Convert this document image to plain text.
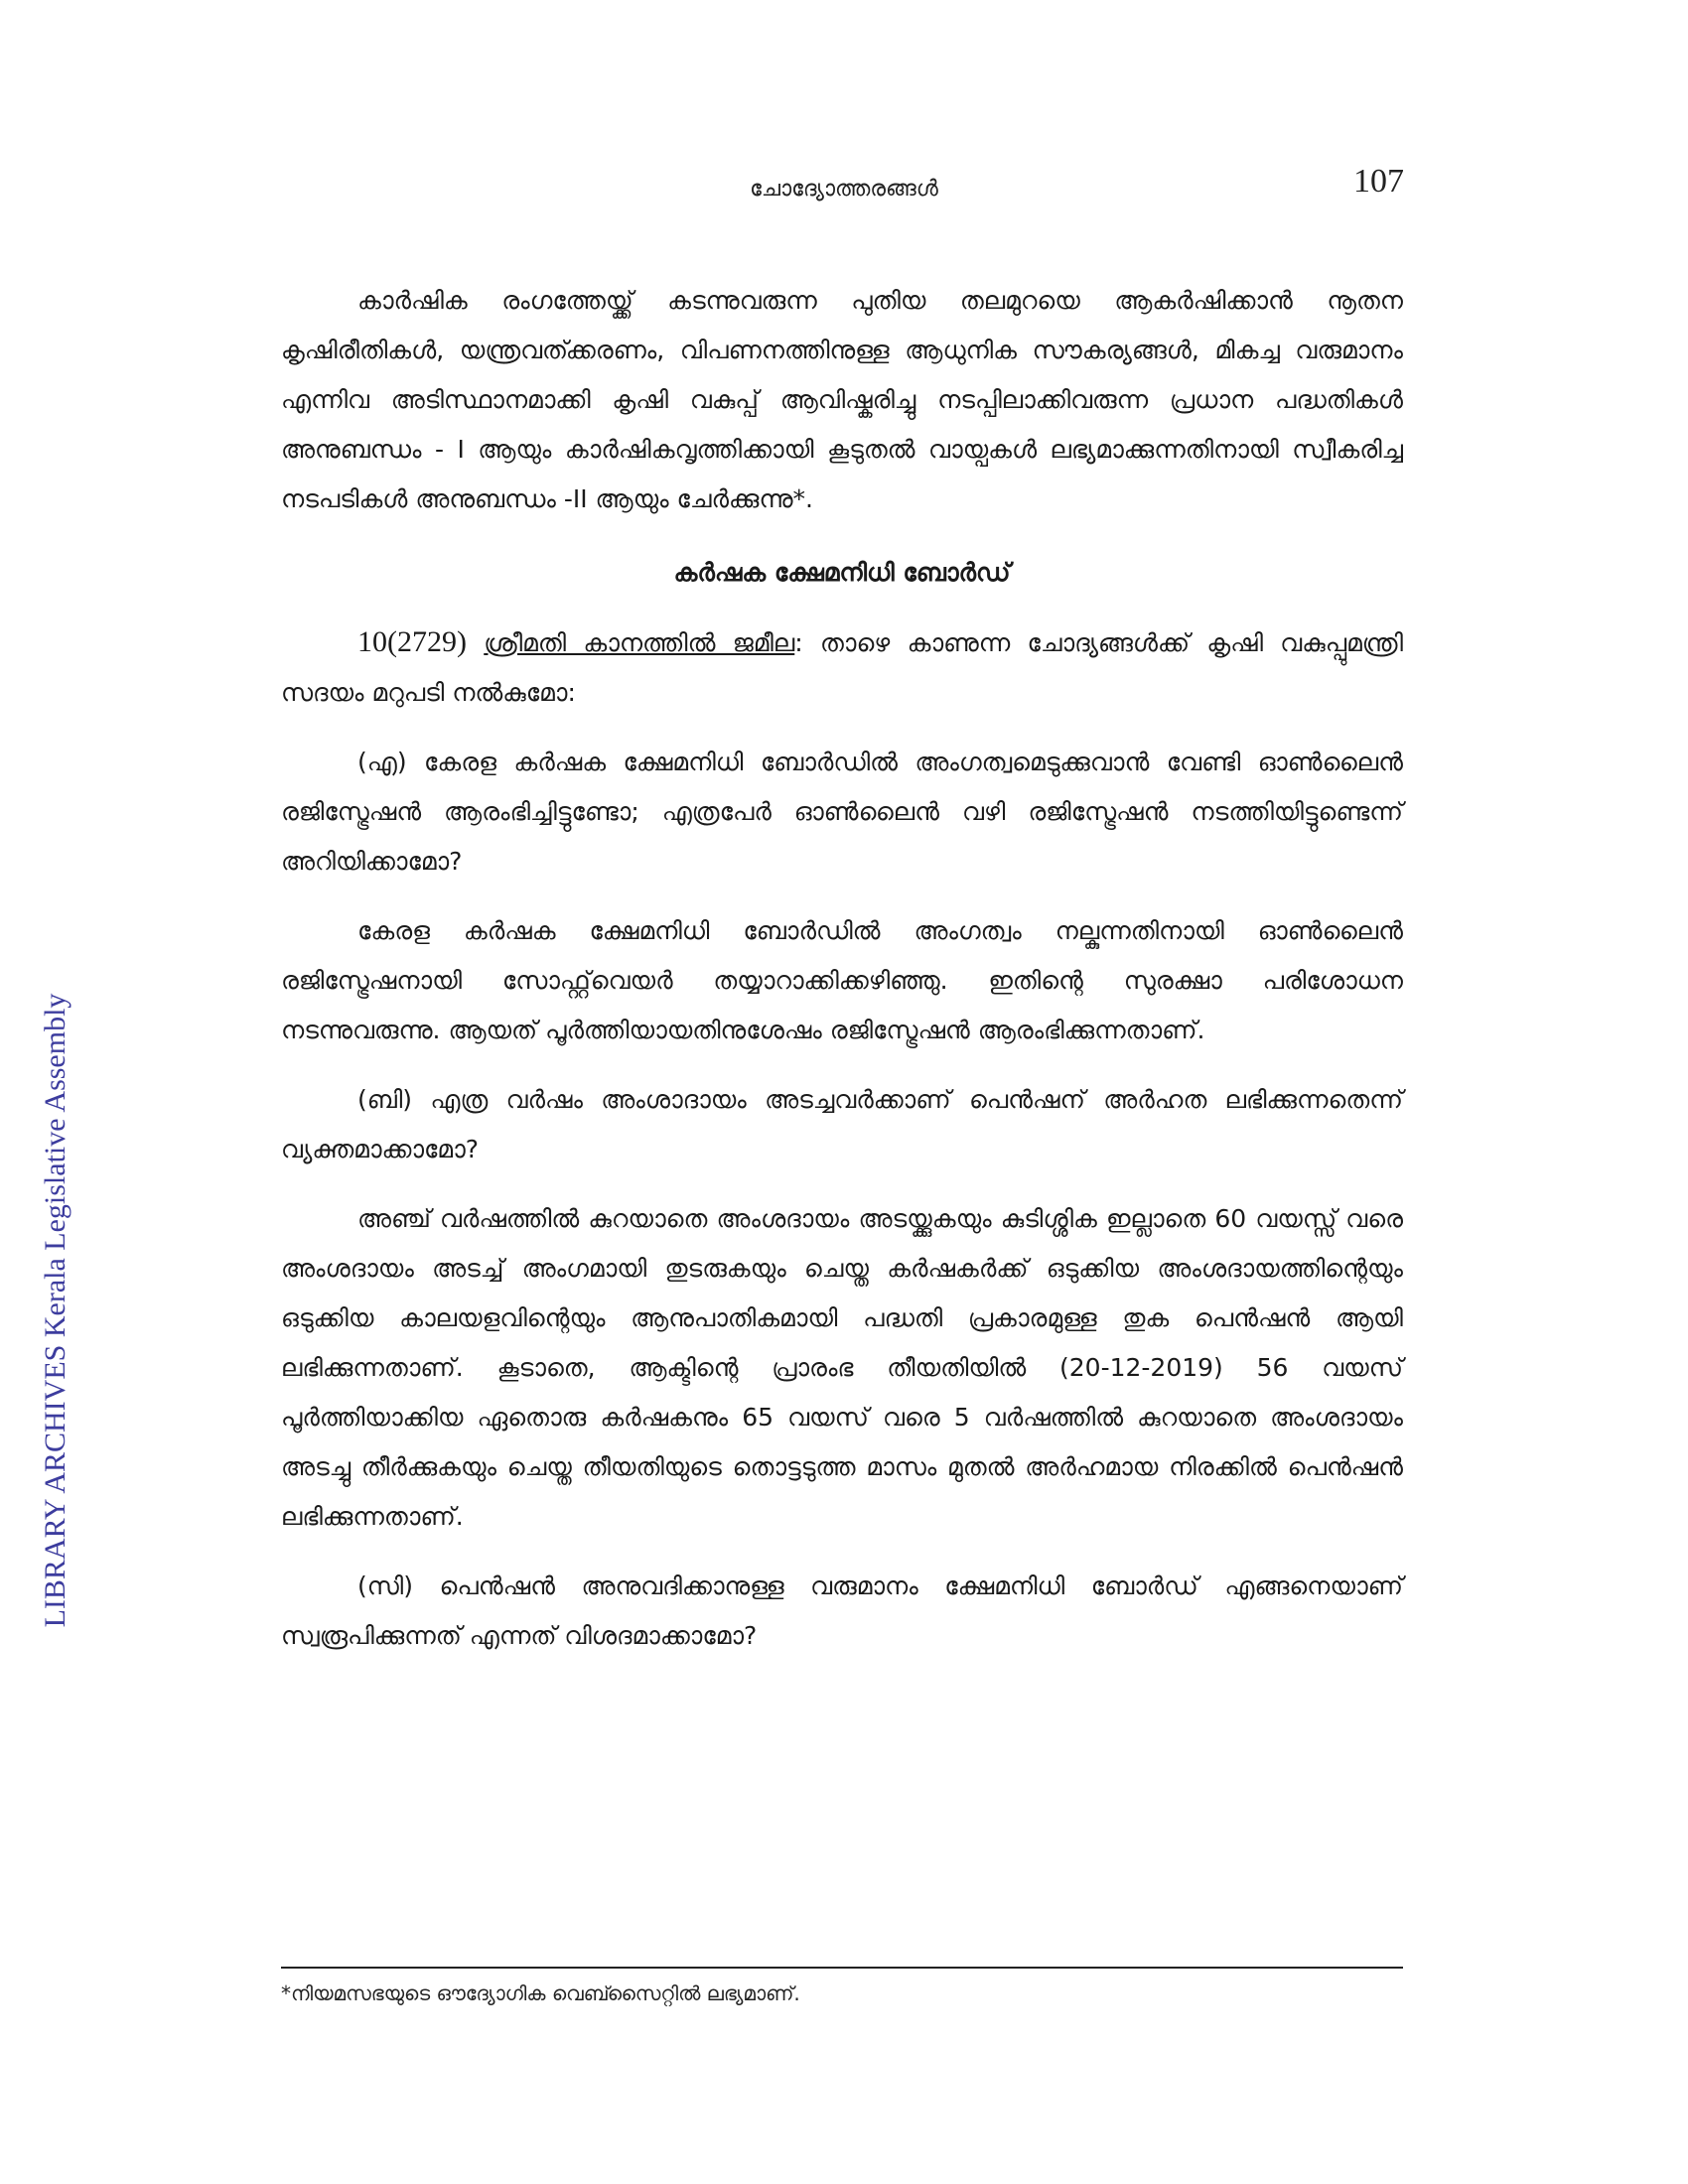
LIBRARY ARCHIVES Kerala Legislative Assembly
ചോദ്യോത്തരങ്ങൾ	107

കാർഷിക രംഗത്തേയ്ക്ക് കടന്നുവരുന്ന പുതിയ തലമുറയെ ആകർഷിക്കാൻ നൂതന കൃഷിരീതികൾ, യന്ത്രവത്ക്കരണം, വിപണനത്തിനുള്ള ആധുനിക സൗകര്യങ്ങൾ, മികച്ച വരുമാനം എന്നിവ അടിസ്ഥാനമാക്കി കൃഷി വകുപ്പ് ആവിഷ്കരിച്ചു നടപ്പിലാക്കിവരുന്ന പ്രധാന പദ്ധതികൾ അനുബന്ധം - I ആയും കാർഷികവൃത്തിക്കായി കൂടുതൽ വായ്പകൾ ലഭ്യമാക്കുന്നതിനായി സ്വീകരിച്ച നടപടികൾ അനുബന്ധം -II ആയും ചേർക്കുന്നു*.

കർഷക ക്ഷേമനിധി ബോർഡ്

10(2729) ശ്രീമതി കാനത്തിൽ ജമീല: താഴെ കാണുന്ന ചോദ്യങ്ങൾക്ക് കൃഷി വകുപ്പുമന്ത്രി സദയം മറുപടി നൽകുമോ:

(എ) കേരള കർഷക ക്ഷേമനിധി ബോർഡിൽ അംഗത്വമെടുക്കുവാൻ വേണ്ടി ഓൺലൈൻ രജിസ്ട്രേഷൻ ആരംഭിച്ചിട്ടുണ്ടോ; എത്രപേർ ഓൺലൈൻ വഴി രജിസ്ട്രേഷൻ നടത്തിയിട്ടുണ്ടെന്ന് അറിയിക്കാമോ?

കേരള കർഷക ക്ഷേമനിധി ബോർഡിൽ അംഗത്വം നല്കുന്നതിനായി ഓൺലൈൻ രജിസ്ട്രേഷനായി സോഫ്റ്റ്‌വെയർ തയ്യാറാക്കിക്കഴിഞ്ഞു. ഇതിന്റെ സുരക്ഷാ പരിശോധന നടന്നുവരുന്നു. ആയത് പൂർത്തിയായതിനുശേഷം രജിസ്ട്രേഷൻ ആരംഭിക്കുന്നതാണ്.

(ബി) എത്ര വർഷം അംശാദായം അടച്ചവർക്കാണ് പെൻഷന് അർഹത ലഭിക്കുന്നതെന്ന് വ്യക്തമാക്കാമോ?

അഞ്ച് വർഷത്തിൽ കുറയാതെ അംശദായം അടയ്ക്കുകയും കുടിശ്ശിക ഇല്ലാതെ 60 വയസ്സ് വരെ അംശദായം അടച്ച് അംഗമായി തുടരുകയും ചെയ്ത കർഷകർക്ക് ഒടുക്കിയ അംശദായത്തിന്റെയും ഒടുക്കിയ കാലയളവിന്റെയും ആനുപാതികമായി പദ്ധതി പ്രകാരമുള്ള തുക പെൻഷൻ ആയി ലഭിക്കുന്നതാണ്. കൂടാതെ, ആക്ടിന്റെ പ്രാരംഭ തീയതിയിൽ (20-12-2019) 56 വയസ് പൂർത്തിയാക്കിയ ഏതൊരു കർഷകനും 65 വയസ് വരെ 5 വർഷത്തിൽ കുറയാതെ അംശദായം അടച്ചു തീർക്കുകയും ചെയ്ത തീയതിയുടെ തൊട്ടടുത്ത മാസം മുതൽ അർഹമായ നിരക്കിൽ പെൻഷൻ ലഭിക്കുന്നതാണ്.

(സി) പെൻഷൻ അനുവദിക്കാനുള്ള വരുമാനം ക്ഷേമനിധി ബോർഡ് എങ്ങനെയാണ് സ്വരൂപിക്കുന്നത് എന്നത് വിശദമാക്കാമോ?

*നിയമസഭയുടെ ഔദ്യോഗിക വെബ്സൈറ്റിൽ ലഭ്യമാണ്.
